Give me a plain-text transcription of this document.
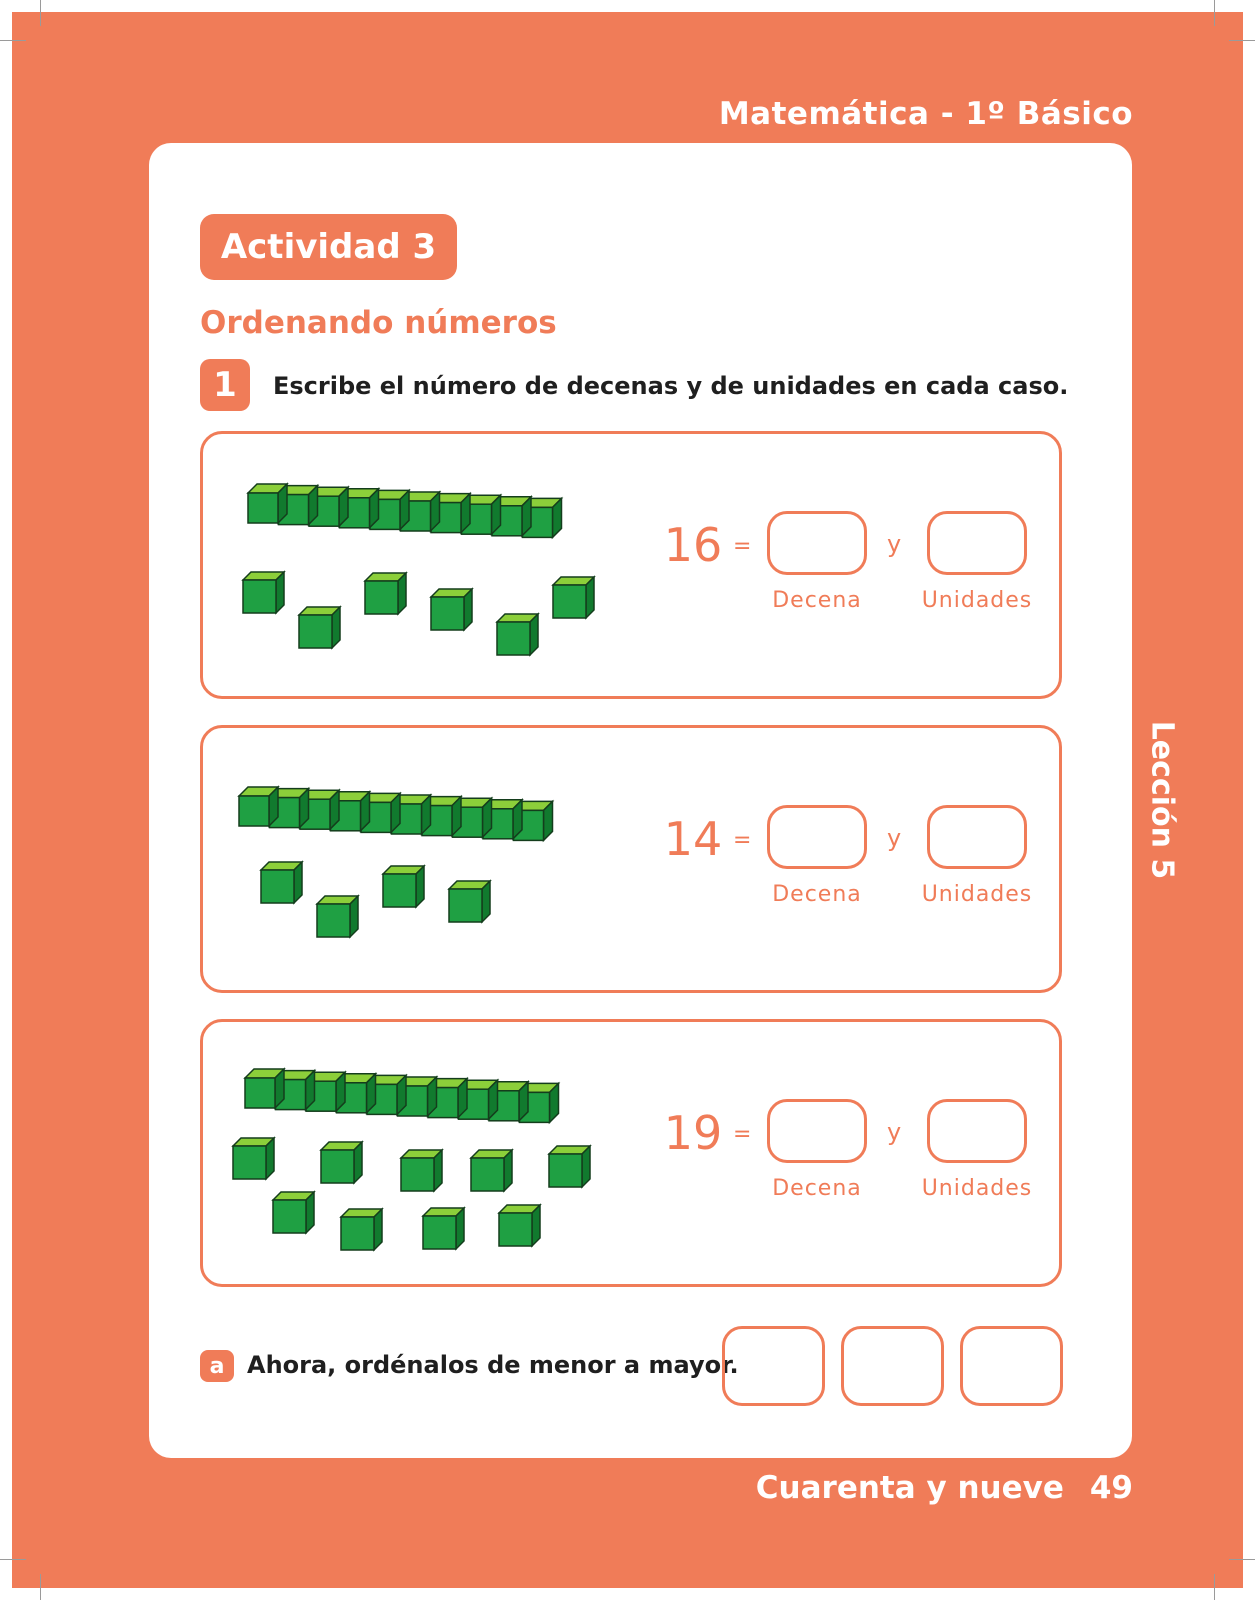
Matemática - 1º Básico
Lección 5
Cuarenta y nueve 49
Actividad 3
Ordenando números
1	Escribe el número de decenas y de unidades en cada caso.
16 =	y
Decena	Unidades
14 =	y
Decena	Unidades
19 =	y
Decena	Unidades
a Ahora, ordénalos de menor a mayor.
